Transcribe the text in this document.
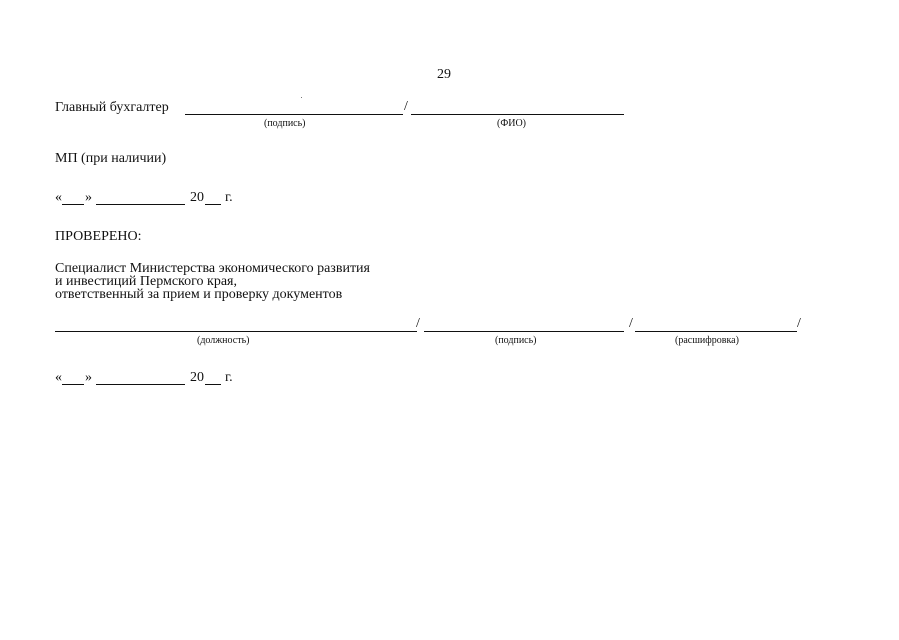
29
Главный бухгалтер	/
(подпись)	(ФИО)
МП (при наличии)
« »	20 г.
ПРОВЕРЕНО:
Специалист Министерства экономического развития
и инвестиций Пермского края,
ответственный за прием и проверку документов
/	/	/
(должность)	(подпись)	(расшифровка)
« »	20 г.
